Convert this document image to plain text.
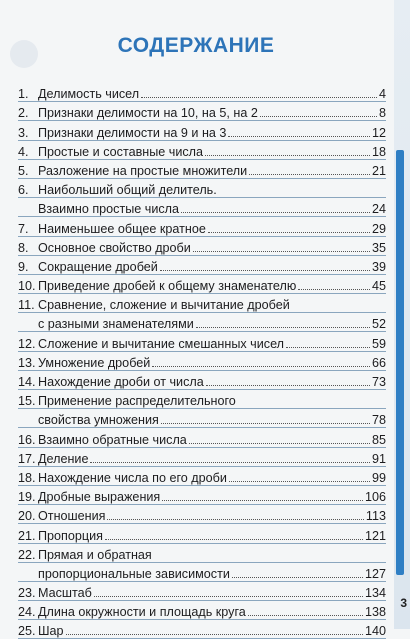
3
СОДЕРЖАНИЕ
1. Делимость чисел	4
2. Признаки делимости на 10, на 5, на 2	8
3. Признаки делимости на 9 и на 3	12
4. Простые и составные числа	18
5. Разложение на простые множители	21
6. Наибольший общий делитель.
Взаимно простые числа	24
7. Наименьшее общее кратное	29
8. Основное свойство дроби	35
9. Сокращение дробей	39
10. Приведение дробей к общему знаменателю	45
11. Сравнение, сложение и вычитание дробей
с разными знаменателями	52
12. Сложение и вычитание смешанных чисел	59
13. Умножение дробей	66
14. Нахождение дроби от числа	73
15. Применение распределительного
свойства умножения	78
16. Взаимно обратные числа	85
17. Деление	91
18. Нахождение числа по его дроби	99
19. Дробные выражения	106
20. Отношения	113
21. Пропорция	121
22. Прямая и обратная
пропорциональные зависимости	127
23. Масштаб	134
24. Длина окружности и площадь круга	138
25. Шар	140
